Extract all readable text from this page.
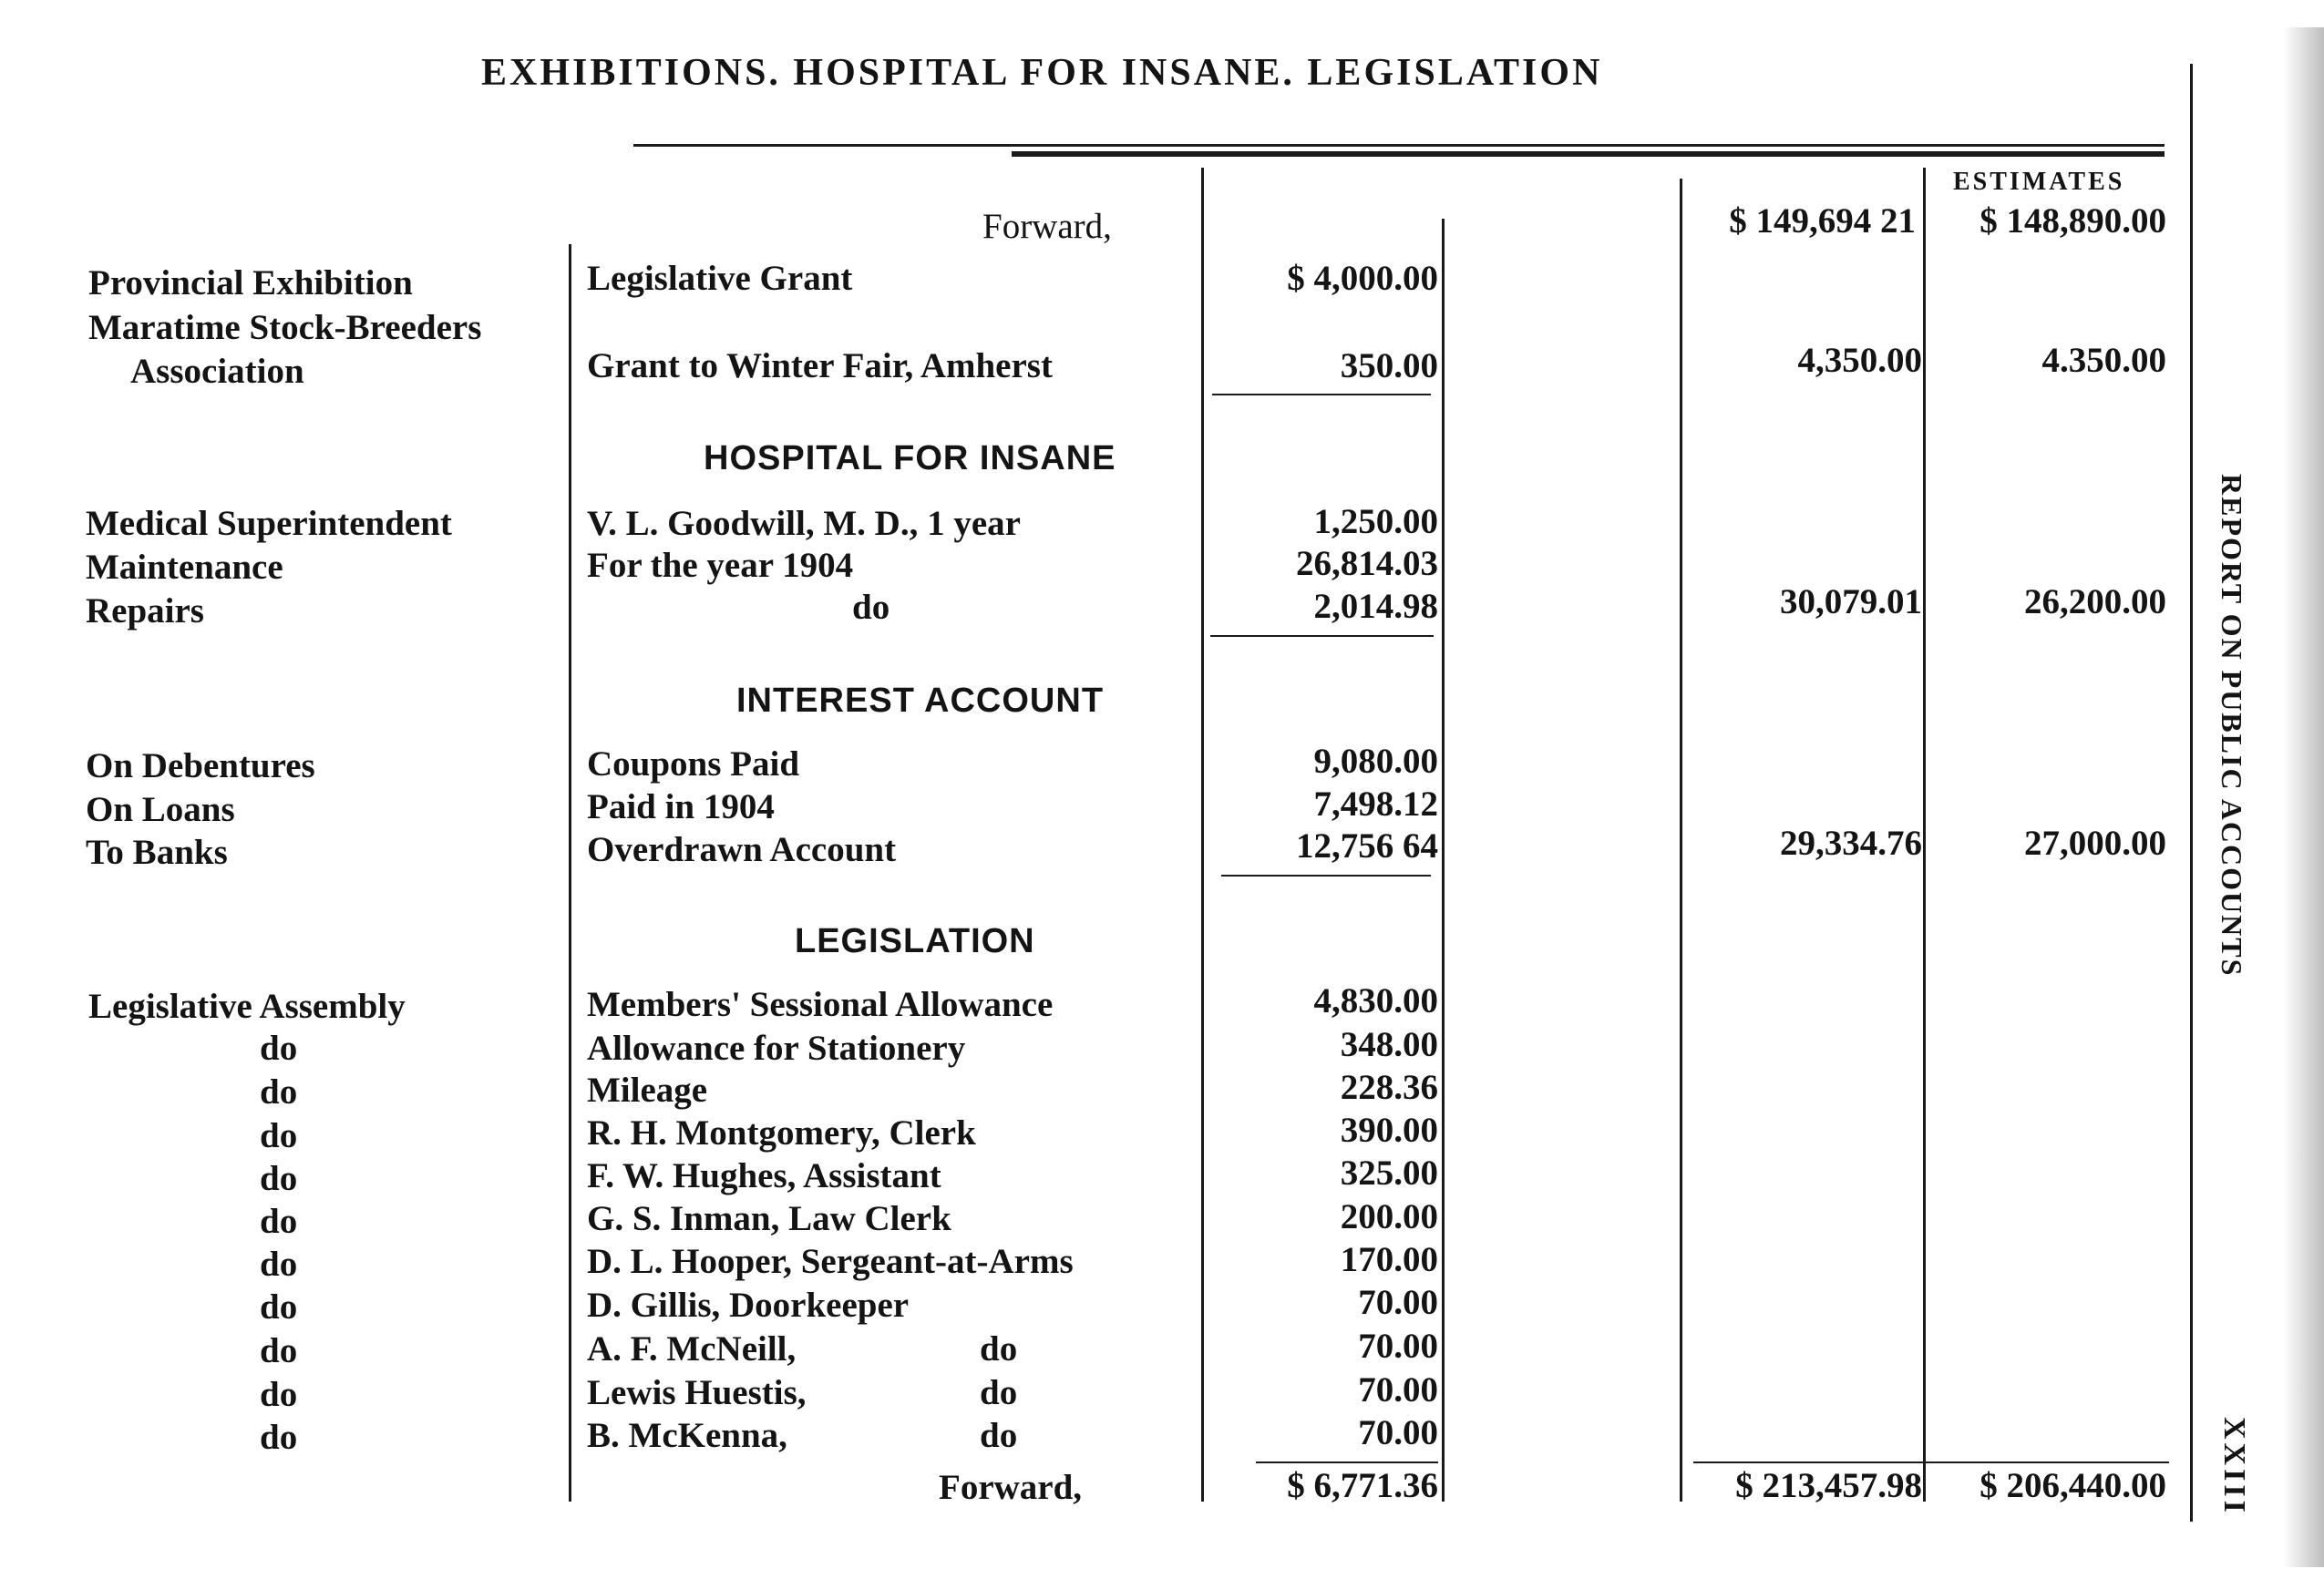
EXHIBITIONS. HOSPITAL FOR INSANE. LEGISLATION
ESTIMATES
REPORT ON PUBLIC ACCOUNTS
XXIII
Forward,	$ 149,694 21 $ 148,890.00
Provincial Exhibition	Legislative Grant	$ 4,000.00
Maratime Stock-Breeders
Association	Grant to Winter Fair, Amherst	350.00	4,350.00	4.350.00
HOSPITAL FOR INSANE
Medical Superintendent	V. L. Goodwill, M. D., 1 year	1,250.00
Maintenance	For the year 1904	26,814.03
Repairs	do	2,014.98	30,079.01	26,200.00
INTEREST ACCOUNT
On Debentures	Coupons Paid	9,080.00
On Loans	Paid in 1904	7,498.12
To Banks	Overdrawn Account	12,756 64	29,334.76	27,000.00
LEGISLATION
Legislative Assembly	Members' Sessional Allowance	4,830.00
do	Allowance for Stationery	348.00
do	Mileage	228.36
do	R. H. Montgomery, Clerk	390.00
do	F. W. Hughes, Assistant	325.00
do	G. S. Inman, Law Clerk	200.00
do	D. L. Hooper, Sergeant-at-Arms	170.00
do	D. Gillis, Doorkeeper	70.00
do	A. F. McNeill,	do	70.00
do	Lewis Huestis,	do	70.00
do	B. McKenna,	do	70.00
Forward,	$ 6,771.36	$ 213,457.98 $ 206,440.00
